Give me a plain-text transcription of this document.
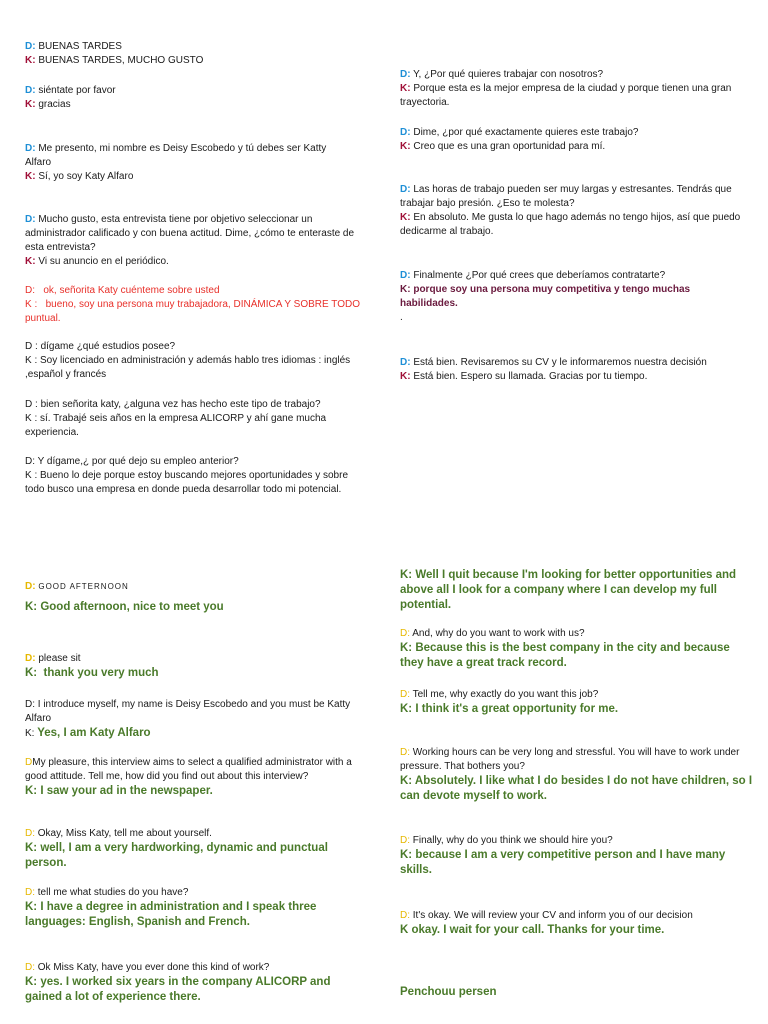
D: BUENAS TARDES

K: BUENAS TARDES, MUCHO GUSTO

D: siéntate por favor

K: gracias

D: Me presento, mi nombre es Deisy Escobedo y tú debes ser Katty Alfaro

K: Sí, yo soy Katy Alfaro

D: Mucho gusto, esta entrevista tiene por objetivo seleccionar un administrador calificado y con buena actitud. Dime, ¿cómo te enteraste de esta entrevista?

K: Vi su anuncio en el periódico.

D: ok, señorita Katy cuénteme sobre usted

K : bueno, soy una persona muy trabajadora, DINÁMICA Y SOBRE TODO puntual.

D : dígame ¿qué estudios posee?

K : Soy licenciado en administración y además hablo tres idiomas : inglés ,español y francés

D : bien señorita katy, ¿alguna vez has hecho este tipo de trabajo?

K : sí. Trabajé seis años en la empresa ALICORP y ahí gane mucha experiencia.

D: Y dígame,¿ por qué dejo su empleo anterior?

K : Bueno lo deje porque estoy buscando mejores oportunidades y sobre todo busco una empresa en donde pueda desarrollar todo mi potencial.

D: Y, ¿Por qué quieres trabajar con nosotros?

K: Porque esta es la mejor empresa de la ciudad y porque tienen una gran trayectoria.

D: Dime, ¿por qué exactamente quieres este trabajo?

K: Creo que es una gran oportunidad para mí.

D: Las horas de trabajo pueden ser muy largas y estresantes. Tendrás que trabajar bajo presión. ¿Eso te molesta?

K: En absoluto. Me gusta lo que hago además no tengo hijos, así que puedo dedicarme al trabajo.

D: Finalmente ¿Por qué crees que deberíamos contratarte?

K: porque soy una persona muy competitiva y tengo muchas habilidades.

.

D: Está bien. Revisaremos su CV y le informaremos nuestra decisión

K: Está bien. Espero su llamada. Gracias por tu tiempo.

D: GOOD AFTERNOON

K: Good afternoon, nice to meet you

D: please sit

K: thank you very much

D: I introduce myself, my name is Deisy Escobedo and you must be Katty Alfaro

K: Yes, I am Katy Alfaro

DMy pleasure, this interview aims to select a qualified administrator with a good attitude. Tell me, how did you find out about this interview?

K: I saw your ad in the newspaper.

D: Okay, Miss Katy, tell me about yourself.

K: well, I am a very hardworking, dynamic and punctual person.

D: tell me what studies do you have?

K: I have a degree in administration and I speak three languages: English, Spanish and French.

D: Ok Miss Katy, have you ever done this kind of work?

K: yes. I worked six years in the company ALICORP and gained a lot of experience there.

K: Well I quit because I'm looking for better opportunities and above all I look for a company where I can develop my full potential.

D: And, why do you want to work with us?

K: Because this is the best company in the city and because they have a great track record.

D: Tell me, why exactly do you want this job?

K: I think it's a great opportunity for me.

D: Working hours can be very long and stressful. You will have to work under pressure. That bothers you?

K: Absolutely. I like what I do besides I do not have children, so I can devote myself to work.

D: Finally, why do you think we should hire you?

K: because I am a very competitive person and I have many skills.

D: It's okay. We will review your CV and inform you of our decision

K okay. I wait for your call. Thanks for your time.

Penchouu persen
